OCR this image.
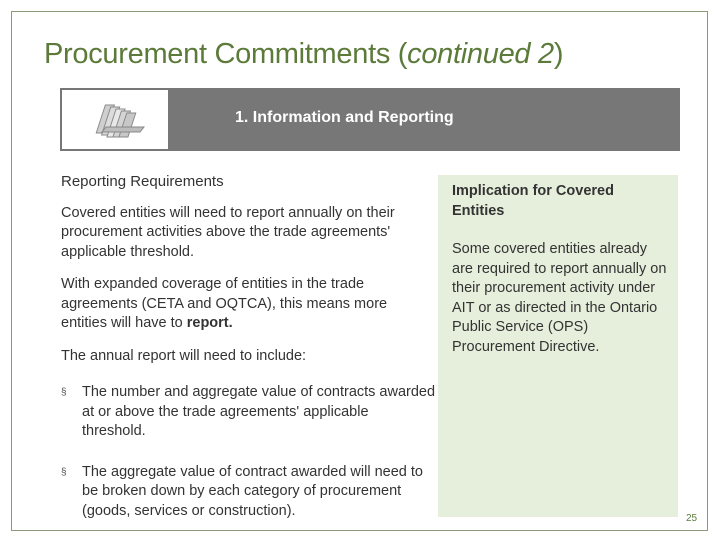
Procurement Commitments (continued 2)
1. Information and Reporting

Reporting Requirements

Covered entities will need to report annually on their procurement activities above the trade agreements' applicable threshold.

With expanded coverage of entities in the trade agreements (CETA and OQTCA), this means more entities will have to report.

The annual report will need to include:

§ The number and aggregate value of contracts awarded at or above the trade agreements' applicable threshold.
§ The aggregate value of contract awarded will need to be broken down by each category of procurement (goods, services or construction).

Implication for Covered Entities

Some covered entities already are required to report annually on their procurement activity under AIT or as directed in the Ontario Public Service (OPS) Procurement Directive.

25
